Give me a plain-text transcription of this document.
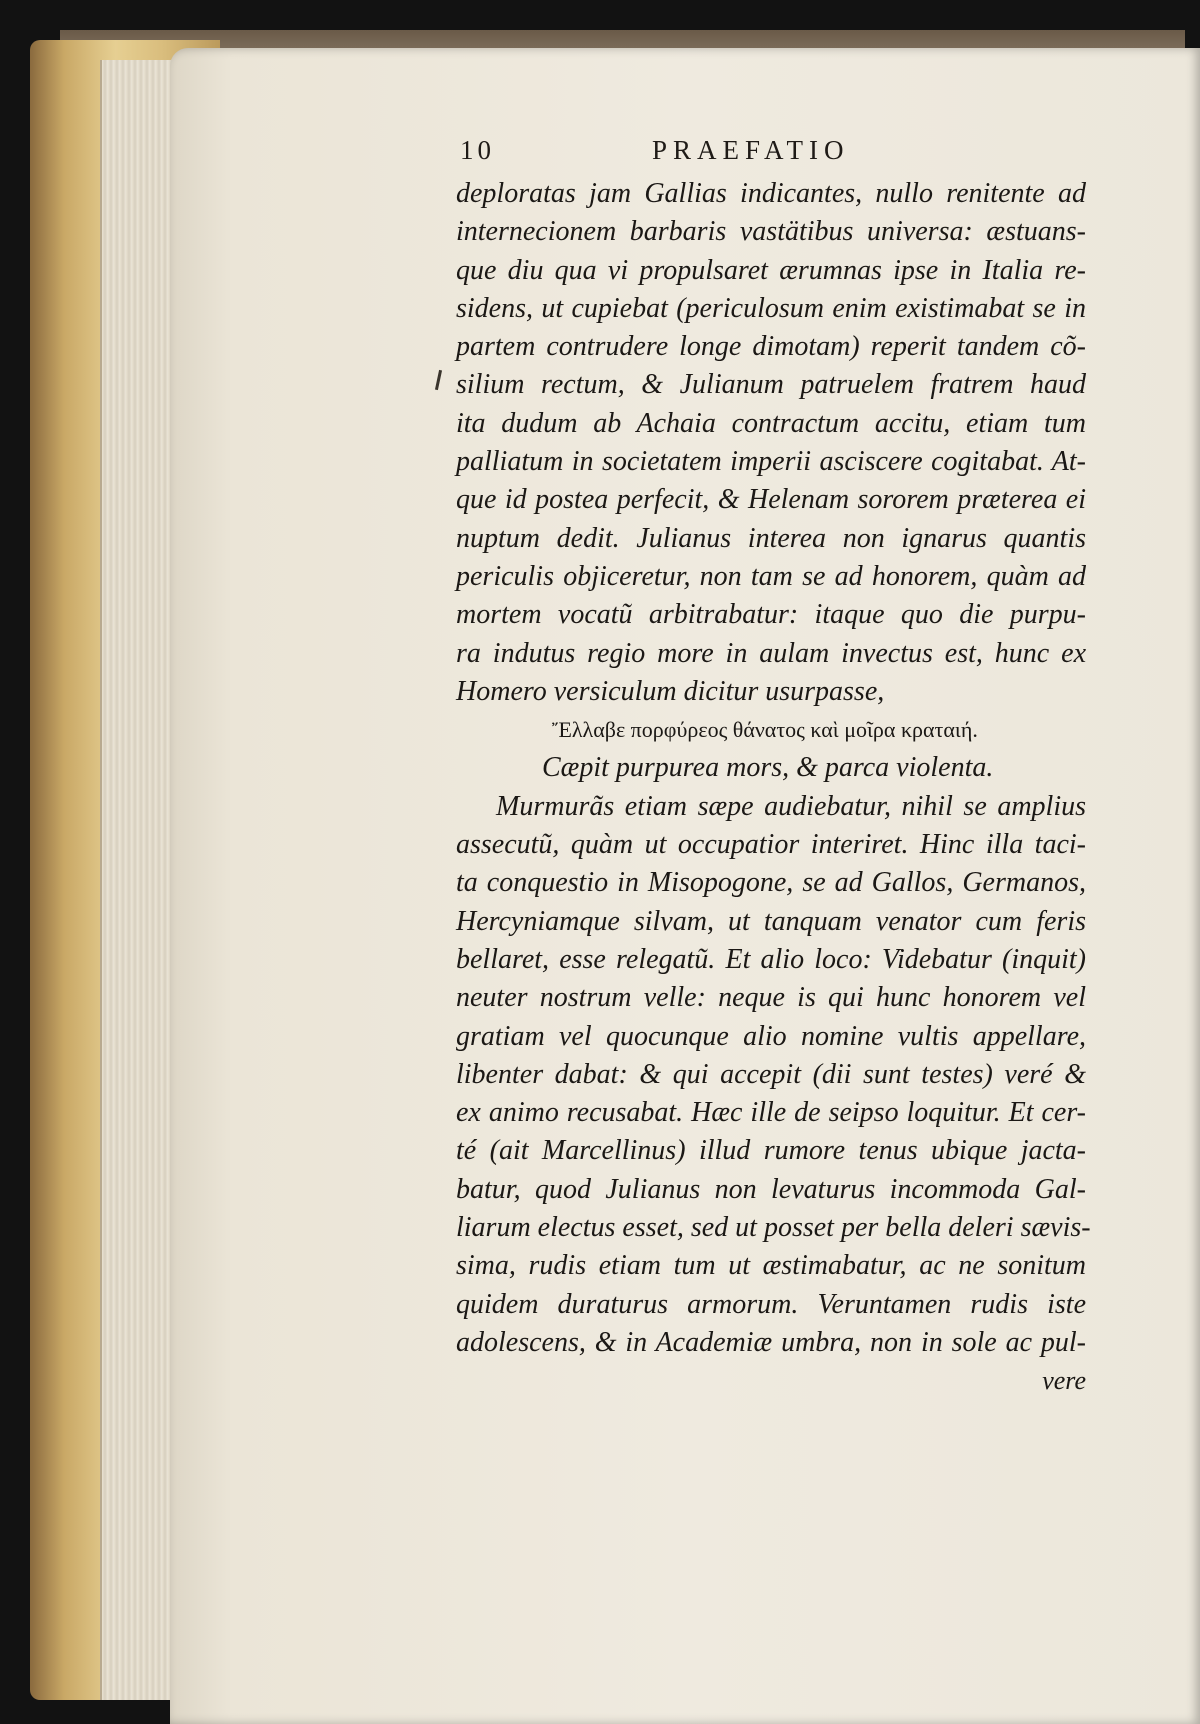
10	PRAEFATIO
deploratas jam Gallias indicantes, nullo renitente ad
internecionem barbaris vastätibus universa: æstuans-
que diu qua vi propulsaret ærumnas ipse in Italia re-
sidens, ut cupiebat (periculosum enim existimabat se in
partem contrudere longe dimotam) reperit tandem cõ-
silium rectum, & Julianum patruelem fratrem haud
ita dudum ab Achaia contractum accitu, etiam tum
palliatum in societatem imperii asciscere cogitabat. At-
que id postea perfecit, & Helenam sororem præterea ei
nuptum dedit. Julianus interea non ignarus quantis
periculis objiceretur, non tam se ad honorem, quàm ad
mortem vocatũ arbitrabatur: itaque quo die purpu-
ra indutus regio more in aulam invectus est, hunc ex
Homero versiculum dicitur usurpasse,
Ἔλλαβε πορφύρεος θάνατος καὶ μοῖρα κραταιή.
Cæpit purpurea mors, & parca violenta.
Murmurãs etiam sæpe audiebatur, nihil se amplius
assecutũ, quàm ut occupatior interiret. Hinc illa taci-
ta conquestio in Misopogone, se ad Gallos, Germanos,
Hercyniamque silvam, ut tanquam venator cum feris
bellaret, esse relegatũ. Et alio loco: Videbatur (inquit)
neuter nostrum velle: neque is qui hunc honorem vel
gratiam vel quocunque alio nomine vultis appellare,
libenter dabat: & qui accepit (dii sunt testes) veré &
ex animo recusabat. Hæc ille de seipso loquitur. Et cer-
té (ait Marcellinus) illud rumore tenus ubique jacta-
batur, quod Julianus non levaturus incommoda Gal-
liarum electus esset, sed ut posset per bella deleri sævis-
sima, rudis etiam tum ut æstimabatur, ac ne sonitum
quidem duraturus armorum. Veruntamen rudis iste
adolescens, & in Academiæ umbra, non in sole ac pul-
vere
